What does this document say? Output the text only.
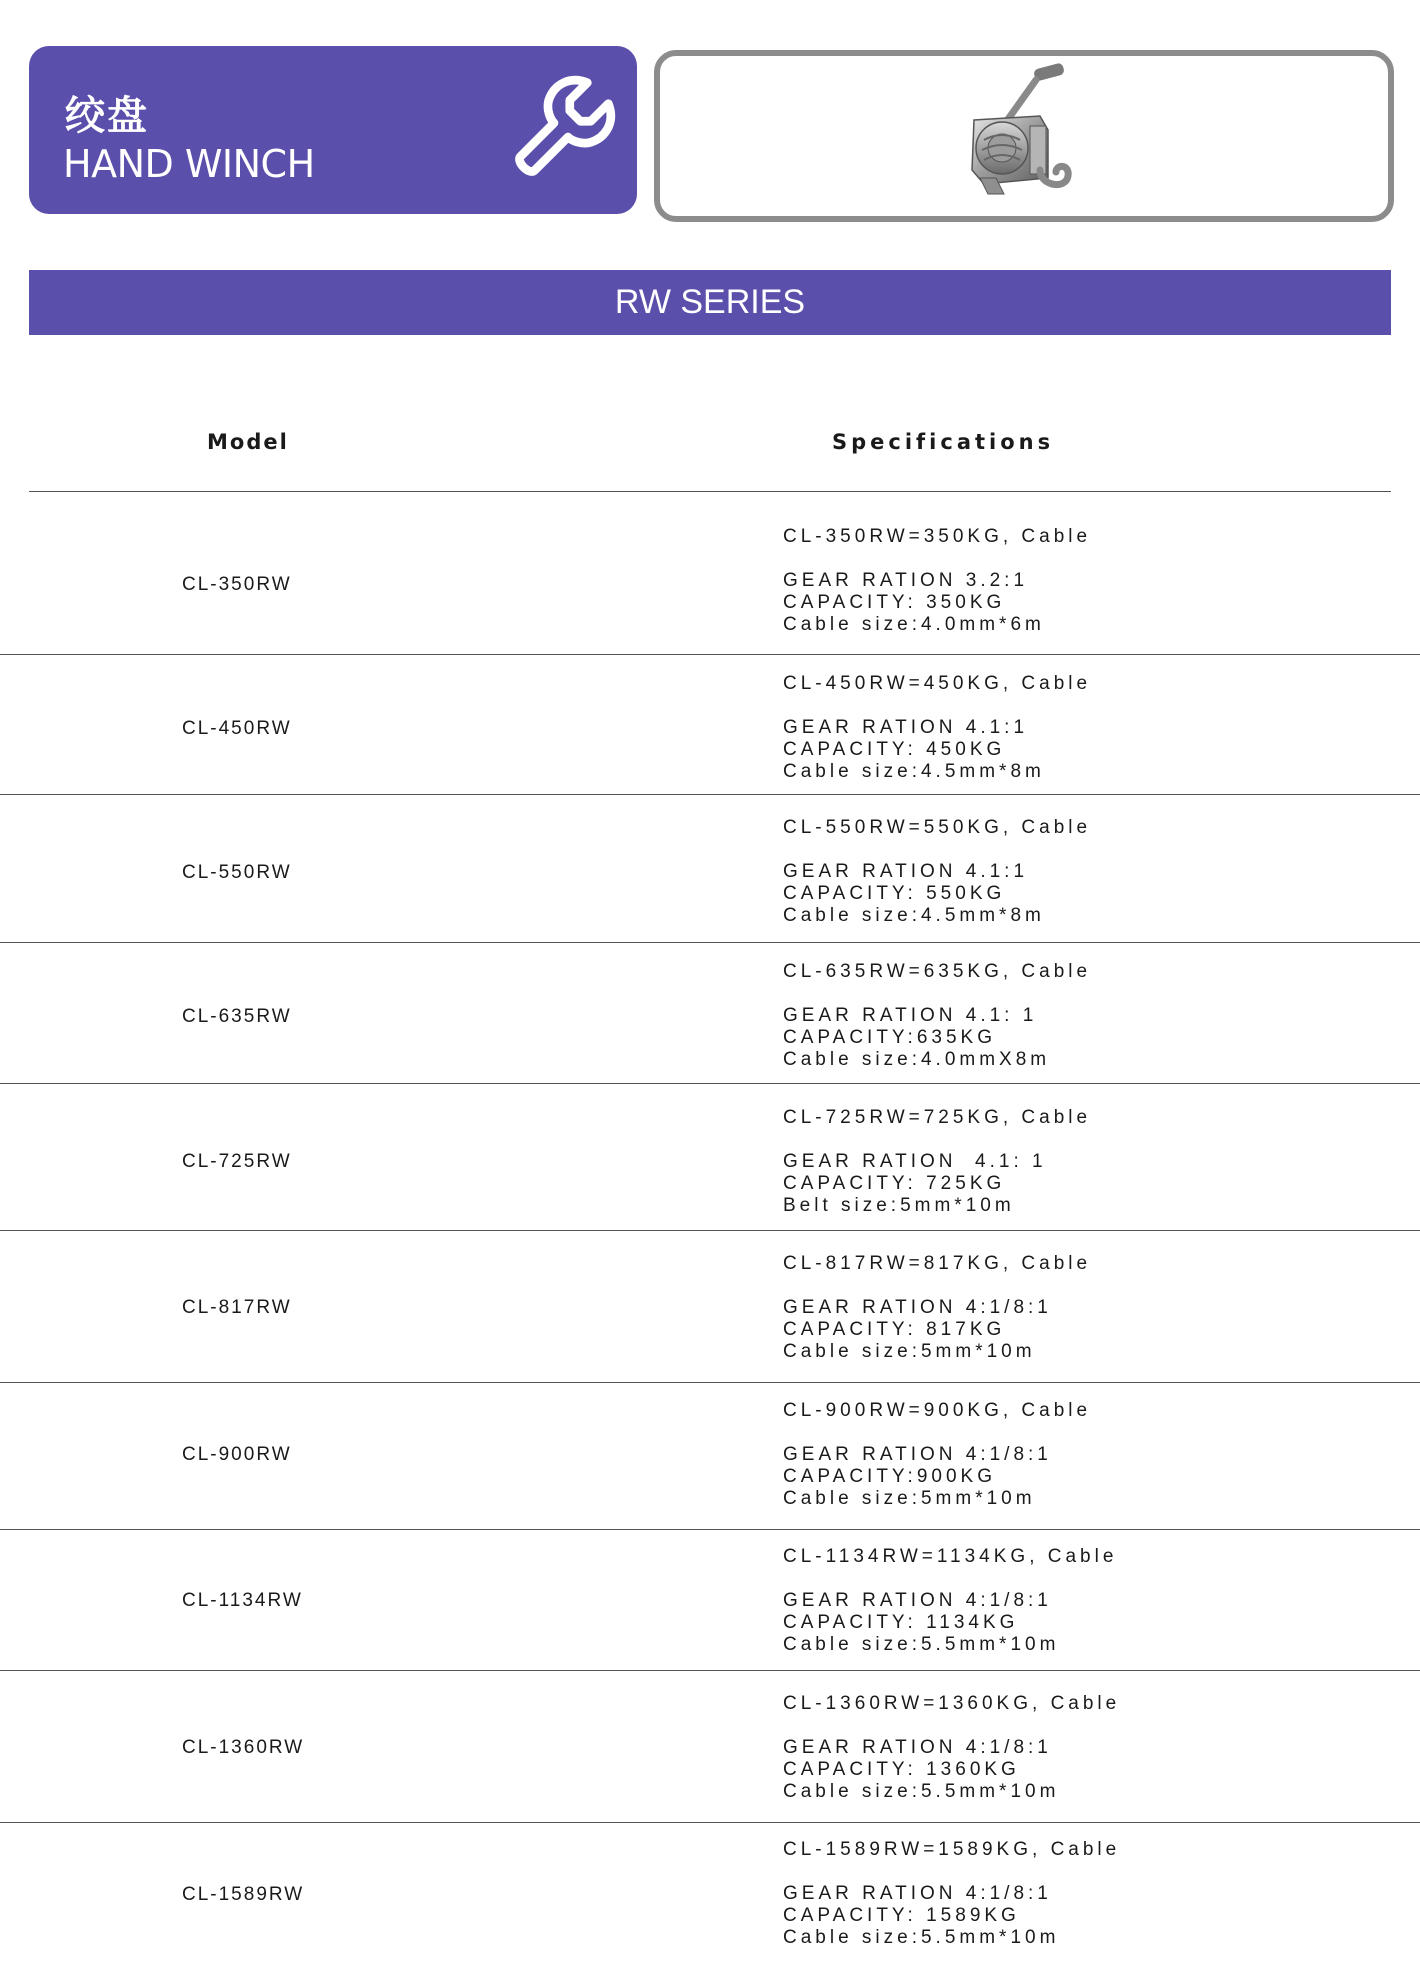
绞盘
HAND WINCH
RW SERIES
Model	Specifications
CL-350RW
CL-350RW=350KG, Cable
GEAR RATION 3.2:1
CAPACITY: 350KG
Cable size:4.0mm*6m
CL-450RW
CL-450RW=450KG, Cable
GEAR RATION 4.1:1
CAPACITY: 450KG
Cable size:4.5mm*8m
CL-550RW
CL-550RW=550KG, Cable
GEAR RATION 4.1:1
CAPACITY: 550KG
Cable size:4.5mm*8m
CL-635RW
CL-635RW=635KG, Cable
GEAR RATION 4.1: 1
CAPACITY:635KG
Cable size:4.0mmX8m
CL-725RW
CL-725RW=725KG, Cable
GEAR RATION  4.1: 1
CAPACITY: 725KG
Belt size:5mm*10m
CL-817RW
CL-817RW=817KG, Cable
GEAR RATION 4:1/8:1
CAPACITY: 817KG
Cable size:5mm*10m
CL-900RW
CL-900RW=900KG, Cable
GEAR RATION 4:1/8:1
CAPACITY:900KG
Cable size:5mm*10m
CL-1134RW
CL-1134RW=1134KG, Cable
GEAR RATION 4:1/8:1
CAPACITY: 1134KG
Cable size:5.5mm*10m
CL-1360RW
CL-1360RW=1360KG, Cable
GEAR RATION 4:1/8:1
CAPACITY: 1360KG
Cable size:5.5mm*10m
CL-1589RW
CL-1589RW=1589KG, Cable
GEAR RATION 4:1/8:1
CAPACITY: 1589KG
Cable size:5.5mm*10m
